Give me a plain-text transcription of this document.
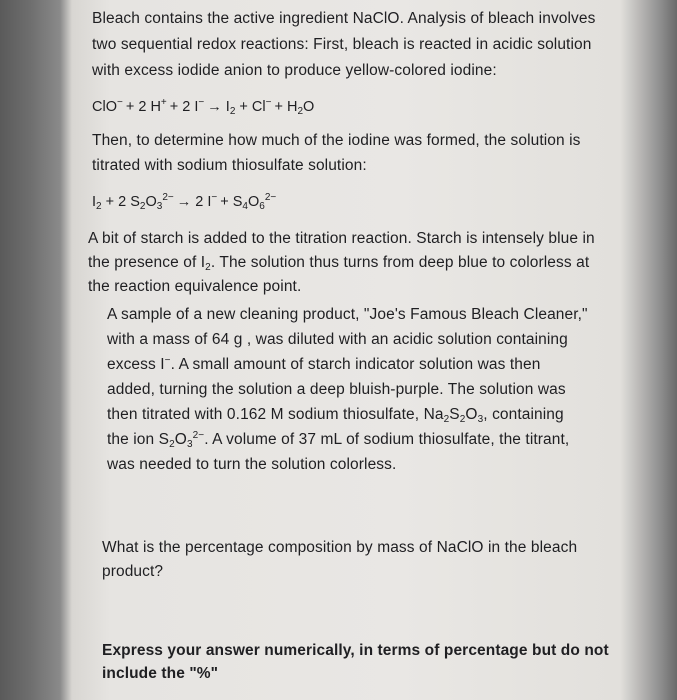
Bleach contains the active ingredient NaClO. Analysis of bleach involves

two sequential redox reactions: First, bleach is reacted in acidic solution

with excess iodide anion to produce yellow-colored iodine:

ClO− + 2 H+ + 2 $I^- \to I_2 + Cl^- + H_2O$

Then, to determine how much of the iodine was formed, the solution is

titrated with sodium thiosulfate solution:

$I_2 + 2$ $S_2O_3^{2-} \to 2$ $I^- + S_4O_6^{2-}$

A bit of starch is added to the titration reaction. Starch is intensely blue in

the presence of $I_2$. The solution thus turns from deep blue to colorless at

the reaction equivalence point.

A sample of a new cleaning product, "Joe's Famous Bleach Cleaner,"

with a mass of 64 g , was diluted with an acidic solution containing

excess I−. A small amount of starch indicator solution was then

added, turning the solution a deep bluish-purple. The solution was

then titrated with 0.162 M sodium thiosulfate, $Na_2S_2O_3$, containing

the ion $S_2O_3^{2-}$. A volume of 37 mL of sodium thiosulfate, the titrant,

was needed to turn the solution colorless.

What is the percentage composition by mass of NaClO in the bleach

product?

Express your answer numerically, in terms of percentage but do not

include the "%"
